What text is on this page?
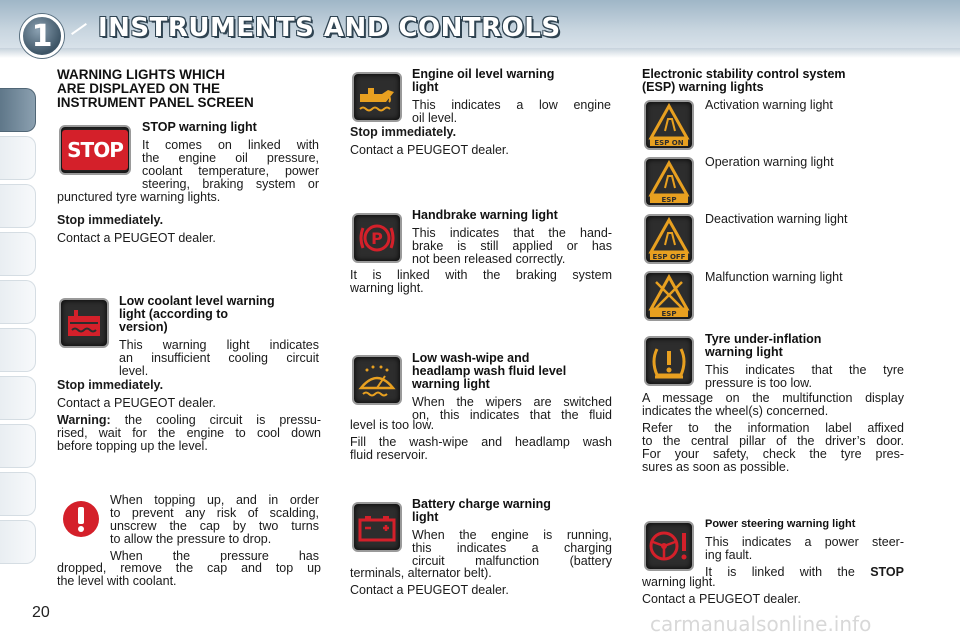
1	INSTRUMENTS AND CONTROLS
WARNING LIGHTS WHICH
ARE DISPLAYED ON THE
INSTRUMENT PANEL SCREEN
STOP
STOP warning light
It comes on linked with
the engine oil pressure,
coolant temperature, power
steering, braking system or
punctured tyre warning lights.
Stop immediately.
Contact a PEUGEOT dealer.
Low coolant level warning
light (according to
version)
This warning light indicates
an insufficient cooling circuit
level.
Stop immediately.
Contact a PEUGEOT dealer.
Warning: the cooling circuit is pressu-
rised, wait for the engine to cool down
before topping up the level.
When topping up, and in order
to prevent any risk of scalding,
unscrew the cap by two turns
to allow the pressure to drop.
When the pressure has
dropped, remove the cap and top up
the level with coolant.
Engine oil level warning
light
This indicates a low engine
oil level.
Stop immediately.
Contact a PEUGEOT dealer.
P
Handbrake warning light
This indicates that the hand-
brake is still applied or has
not been released correctly.
It is linked with the braking system
warning light.
Low wash-wipe and
headlamp wash fluid level
warning light
When the wipers are switched
on, this indicates that the fluid
level is too low.
Fill the wash-wipe and headlamp wash
fluid reservoir.
Battery charge warning
light
When the engine is running,
this indicates a charging
circuit malfunction (battery
terminals, alternator belt).
Contact a PEUGEOT dealer.
Electronic stability control system
(ESP) warning lights
ESP ON
Activation warning light
ESP
Operation warning light
ESP OFF
Deactivation warning light
ESP
Malfunction warning light
Tyre under-inflation
warning light
This indicates that the tyre
pressure is too low.
A message on the multifunction display
indicates the wheel(s) concerned.
Refer to the information label affixed
to the central pillar of the driver’s door.
For your safety, check the tyre pres-
sures as soon as possible.
Power steering warning light
This indicates a power steer-
ing fault.
It is linked with the STOP
warning light.
Contact a PEUGEOT dealer.
20	carmanualsonline.info
